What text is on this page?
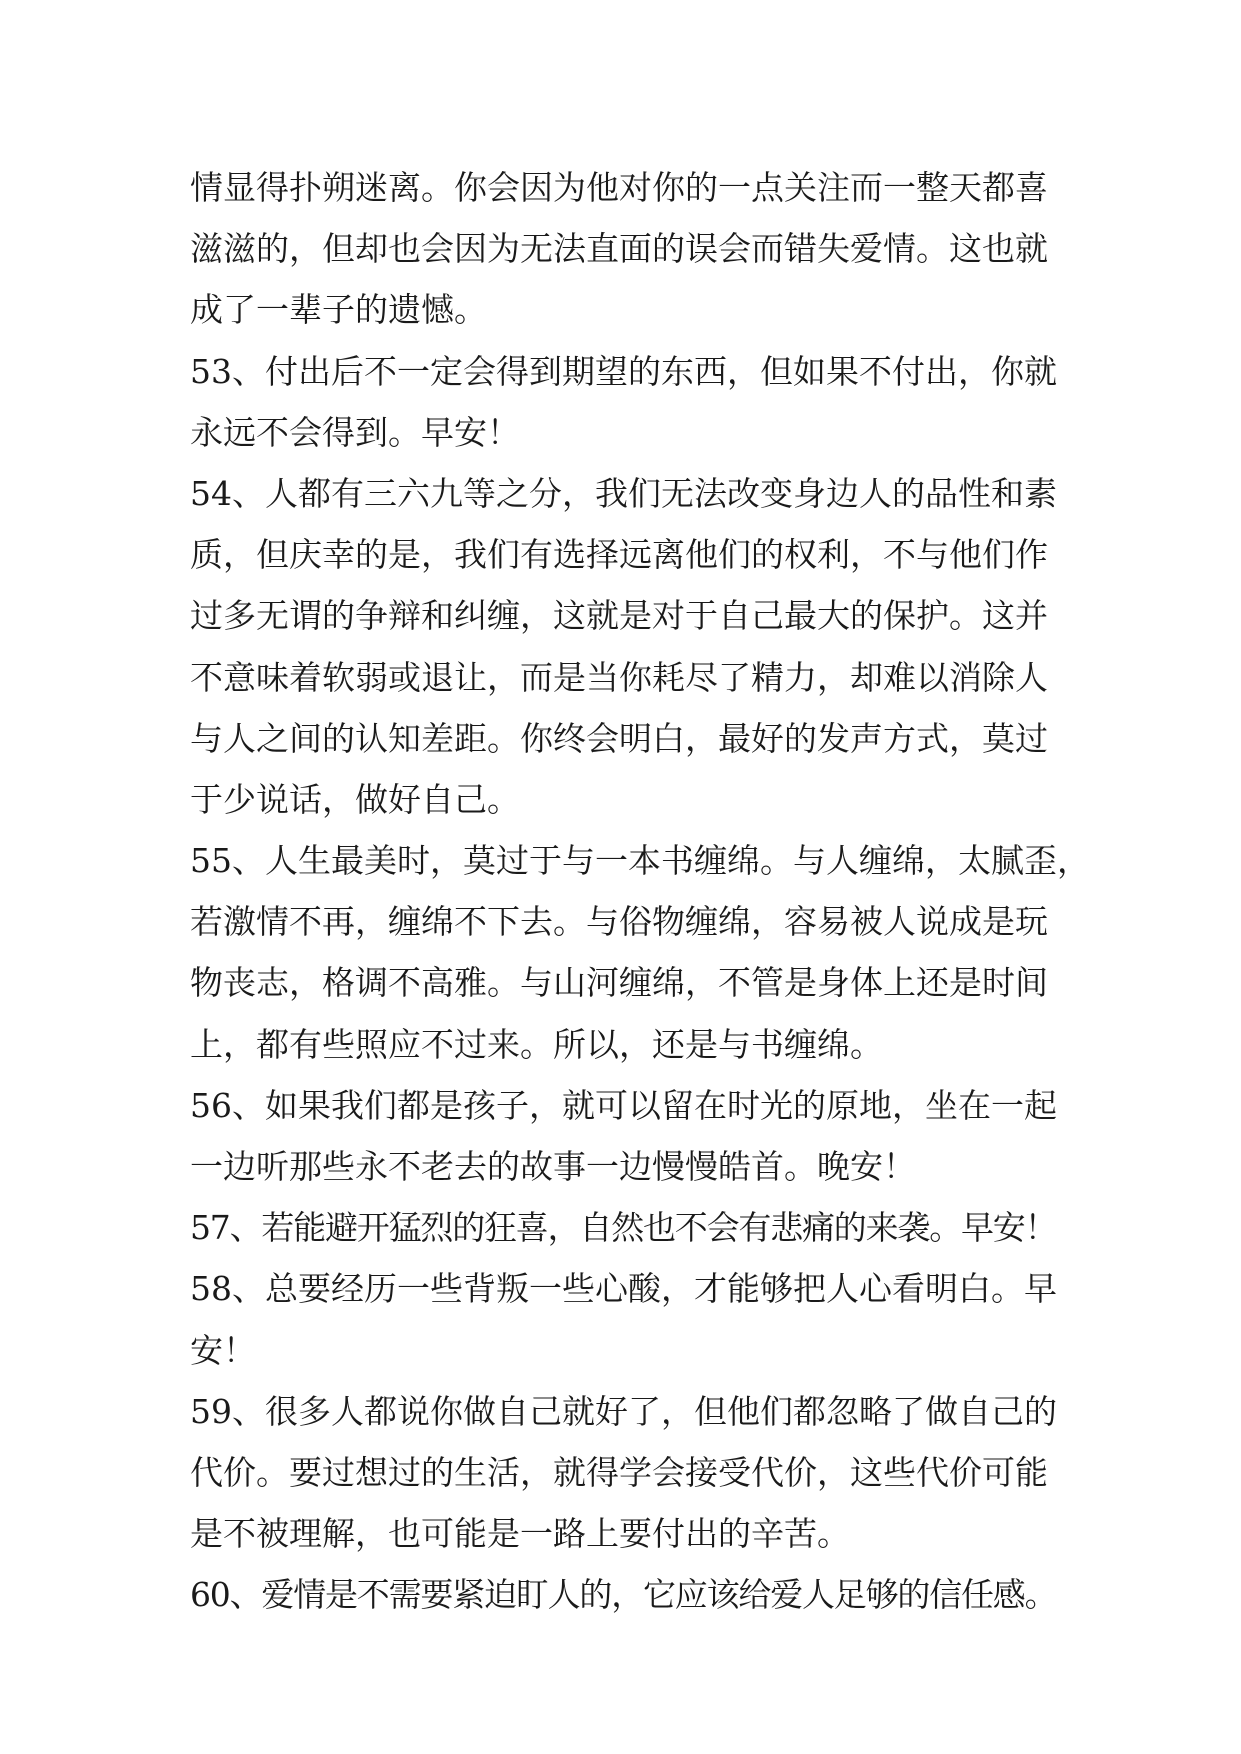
情显得扑朔迷离。你会因为他对你的一点关注而一整天都喜
滋滋的，但却也会因为无法直面的误会而错失爱情。这也就
成了一辈子的遗憾。
53、付出后不一定会得到期望的东西，但如果不付出，你就
永远不会得到。早安！
54、人都有三六九等之分，我们无法改变身边人的品性和素
质，但庆幸的是，我们有选择远离他们的权利，不与他们作
过多无谓的争辩和纠缠，这就是对于自己最大的保护。这并
不意味着软弱或退让，而是当你耗尽了精力，却难以消除人
与人之间的认知差距。你终会明白，最好的发声方式，莫过
于少说话，做好自己。
55、人生最美时，莫过于与一本书缠绵。与人缠绵，太腻歪，
若激情不再，缠绵不下去。与俗物缠绵，容易被人说成是玩
物丧志，格调不高雅。与山河缠绵，不管是身体上还是时间
上，都有些照应不过来。所以，还是与书缠绵。
56、如果我们都是孩子，就可以留在时光的原地，坐在一起
一边听那些永不老去的故事一边慢慢皓首。晚安！
57、若能避开猛烈的狂喜，自然也不会有悲痛的来袭。早安！
58、总要经历一些背叛一些心酸，才能够把人心看明白。早
安！
59、很多人都说你做自己就好了，但他们都忽略了做自己的
代价。要过想过的生活，就得学会接受代价，这些代价可能
是不被理解，也可能是一路上要付出的辛苦。
60、爱情是不需要紧迫盯人的，它应该给爱人足够的信任感。
